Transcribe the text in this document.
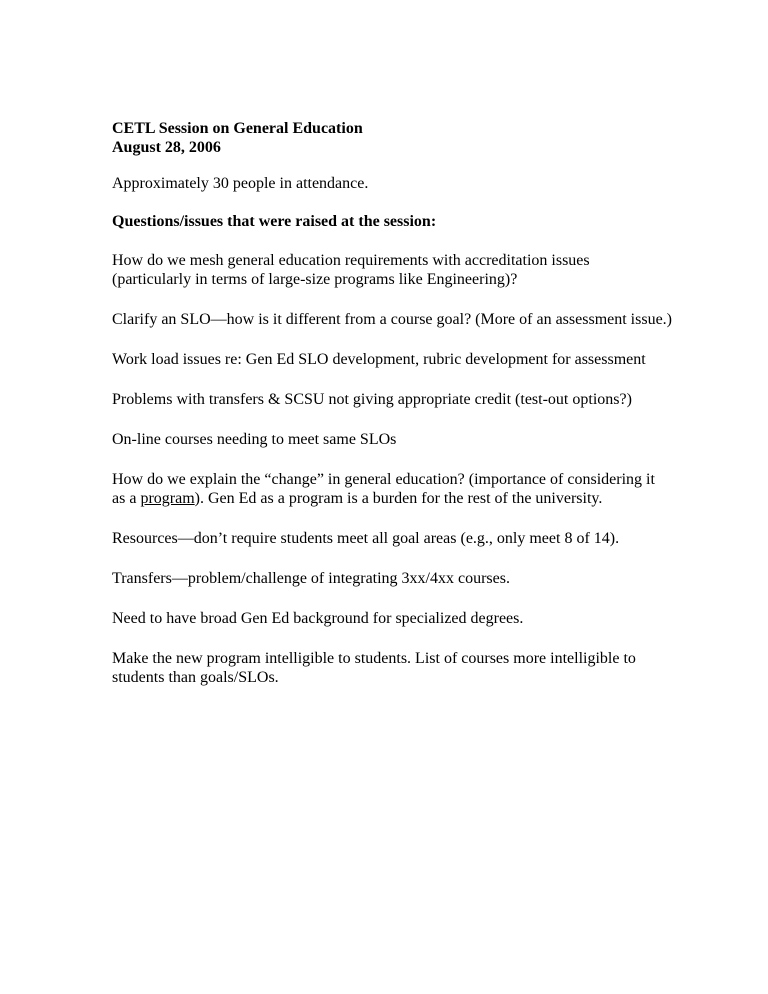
CETL Session on General Education

August 28, 2006

Approximately 30 people in attendance.

Questions/issues that were raised at the session:

How do we mesh general education requirements with accreditation issues (particularly in terms of large-size programs like Engineering)?

Clarify an SLO—how is it different from a course goal? (More of an assessment issue.)

Work load issues re: Gen Ed SLO development, rubric development for assessment

Problems with transfers & SCSU not giving appropriate credit (test-out options?)

On-line courses needing to meet same SLOs

How do we explain the “change” in general education? (importance of considering it as a program). Gen Ed as a program is a burden for the rest of the university.

Resources—don’t require students meet all goal areas (e.g., only meet 8 of 14).

Transfers—problem/challenge of integrating 3xx/4xx courses.

Need to have broad Gen Ed background for specialized degrees.

Make the new program intelligible to students. List of courses more intelligible to students than goals/SLOs.
